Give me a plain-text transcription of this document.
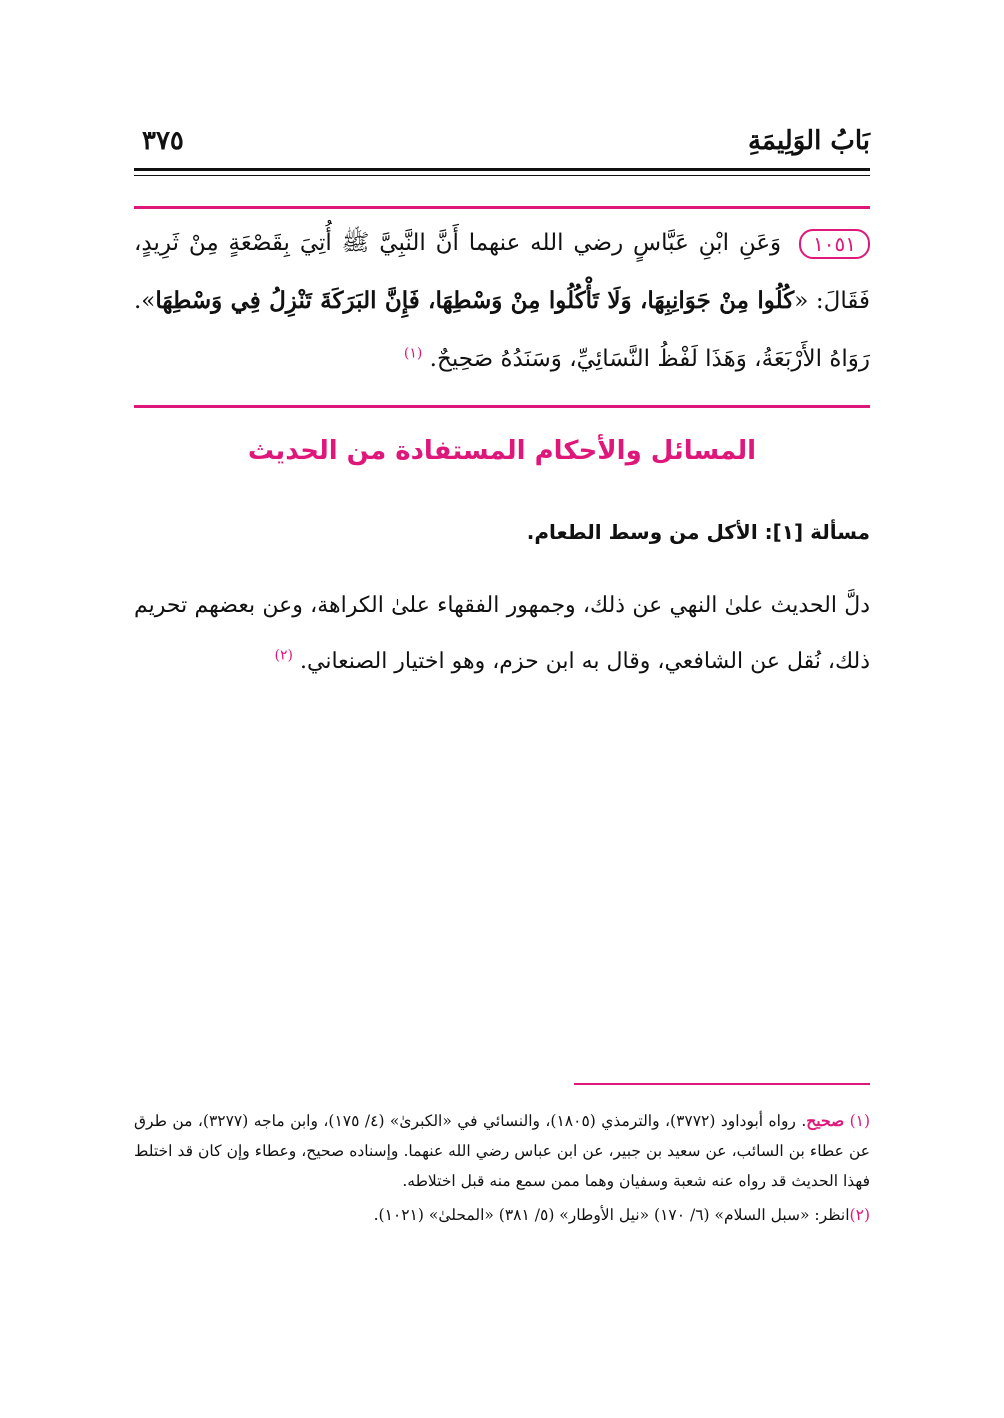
بَابُ الوَلِيمَةِ
٣٧٥
١٠٥١ وَعَنِ ابْنِ عَبَّاسٍ رضي الله عنهما أَنَّ النَّبِيَّ ﷺ أُتِيَ بِقَصْعَةٍ مِنْ ثَرِيدٍ، فَقَالَ: «كُلُوا مِنْ جَوَانِبِهَا، وَلَا تَأْكُلُوا مِنْ وَسْطِهَا، فَإِنَّ البَرَكَةَ تَنْزِلُ فِي وَسْطِهَا». رَوَاهُ الأَرْبَعَةُ، وَهَذَا لَفْظُ النَّسَائِيِّ، وَسَنَدُهُ صَحِيحٌ. $^{(١)}$
المسائل والأحكام المستفادة من الحديث
مسألة [١]: الأكل من وسط الطعام.
دلَّ الحديث علىٰ النهي عن ذلك، وجمهور الفقهاء علىٰ الكراهة، وعن بعضهم تحريم ذلك، نُقل عن الشافعي، وقال به ابن حزم، وهو اختيار الصنعاني. $^{(٢)}$

(١) صحيح. رواه أبوداود (٣٧٧٢)، والترمذي (١٨٠٥)، والنسائي في «الكبرىٰ» (٤/ ١٧٥)، وابن ماجه (٣٢٧٧)، من طرق عن عطاء بن السائب، عن سعيد بن جبير، عن ابن عباس رضي الله عنهما. وإسناده صحيح، وعطاء وإن كان قد اختلط فهذا الحديث قد رواه عنه شعبة وسفيان وهما ممن سمع منه قبل اختلاطه.

(٢)انظر: «سبل السلام» (٦/ ١٧٠) «نيل الأوطار» (٥/ ٣٨١) «المحلىٰ» (١٠٢١).
